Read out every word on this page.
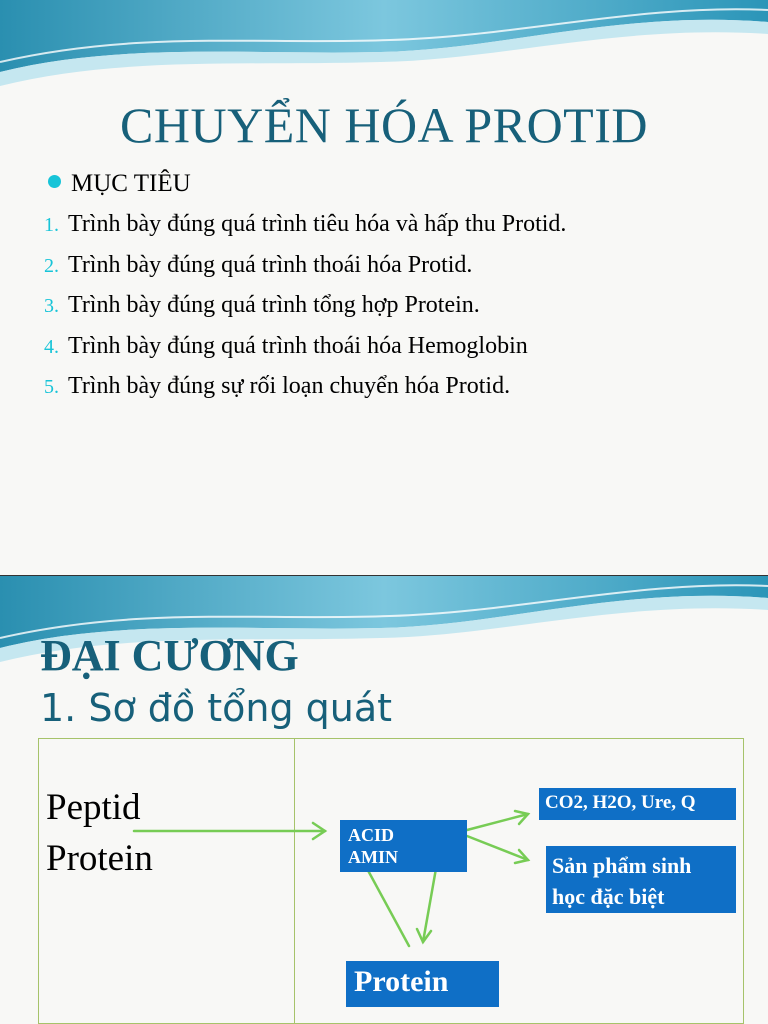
CHUYỂN HÓA PROTID
MỤC TIÊU
1. Trình bày đúng quá trình tiêu hóa và hấp thu Protid.
2. Trình bày đúng quá trình thoái hóa Protid.
3. Trình bày đúng quá trình tổng hợp Protein.
4. Trình bày đúng quá trình thoái hóa Hemoglobin
5. Trình bày đúng sự rối loạn chuyển hóa Protid.
ĐẠI CƯƠNG
1. Sơ đồ tổng quát
Peptid
Protein
ACID
AMIN
CO2, H2O, Ure, Q
Sản phẩm sinh
học đặc biệt
Protein
